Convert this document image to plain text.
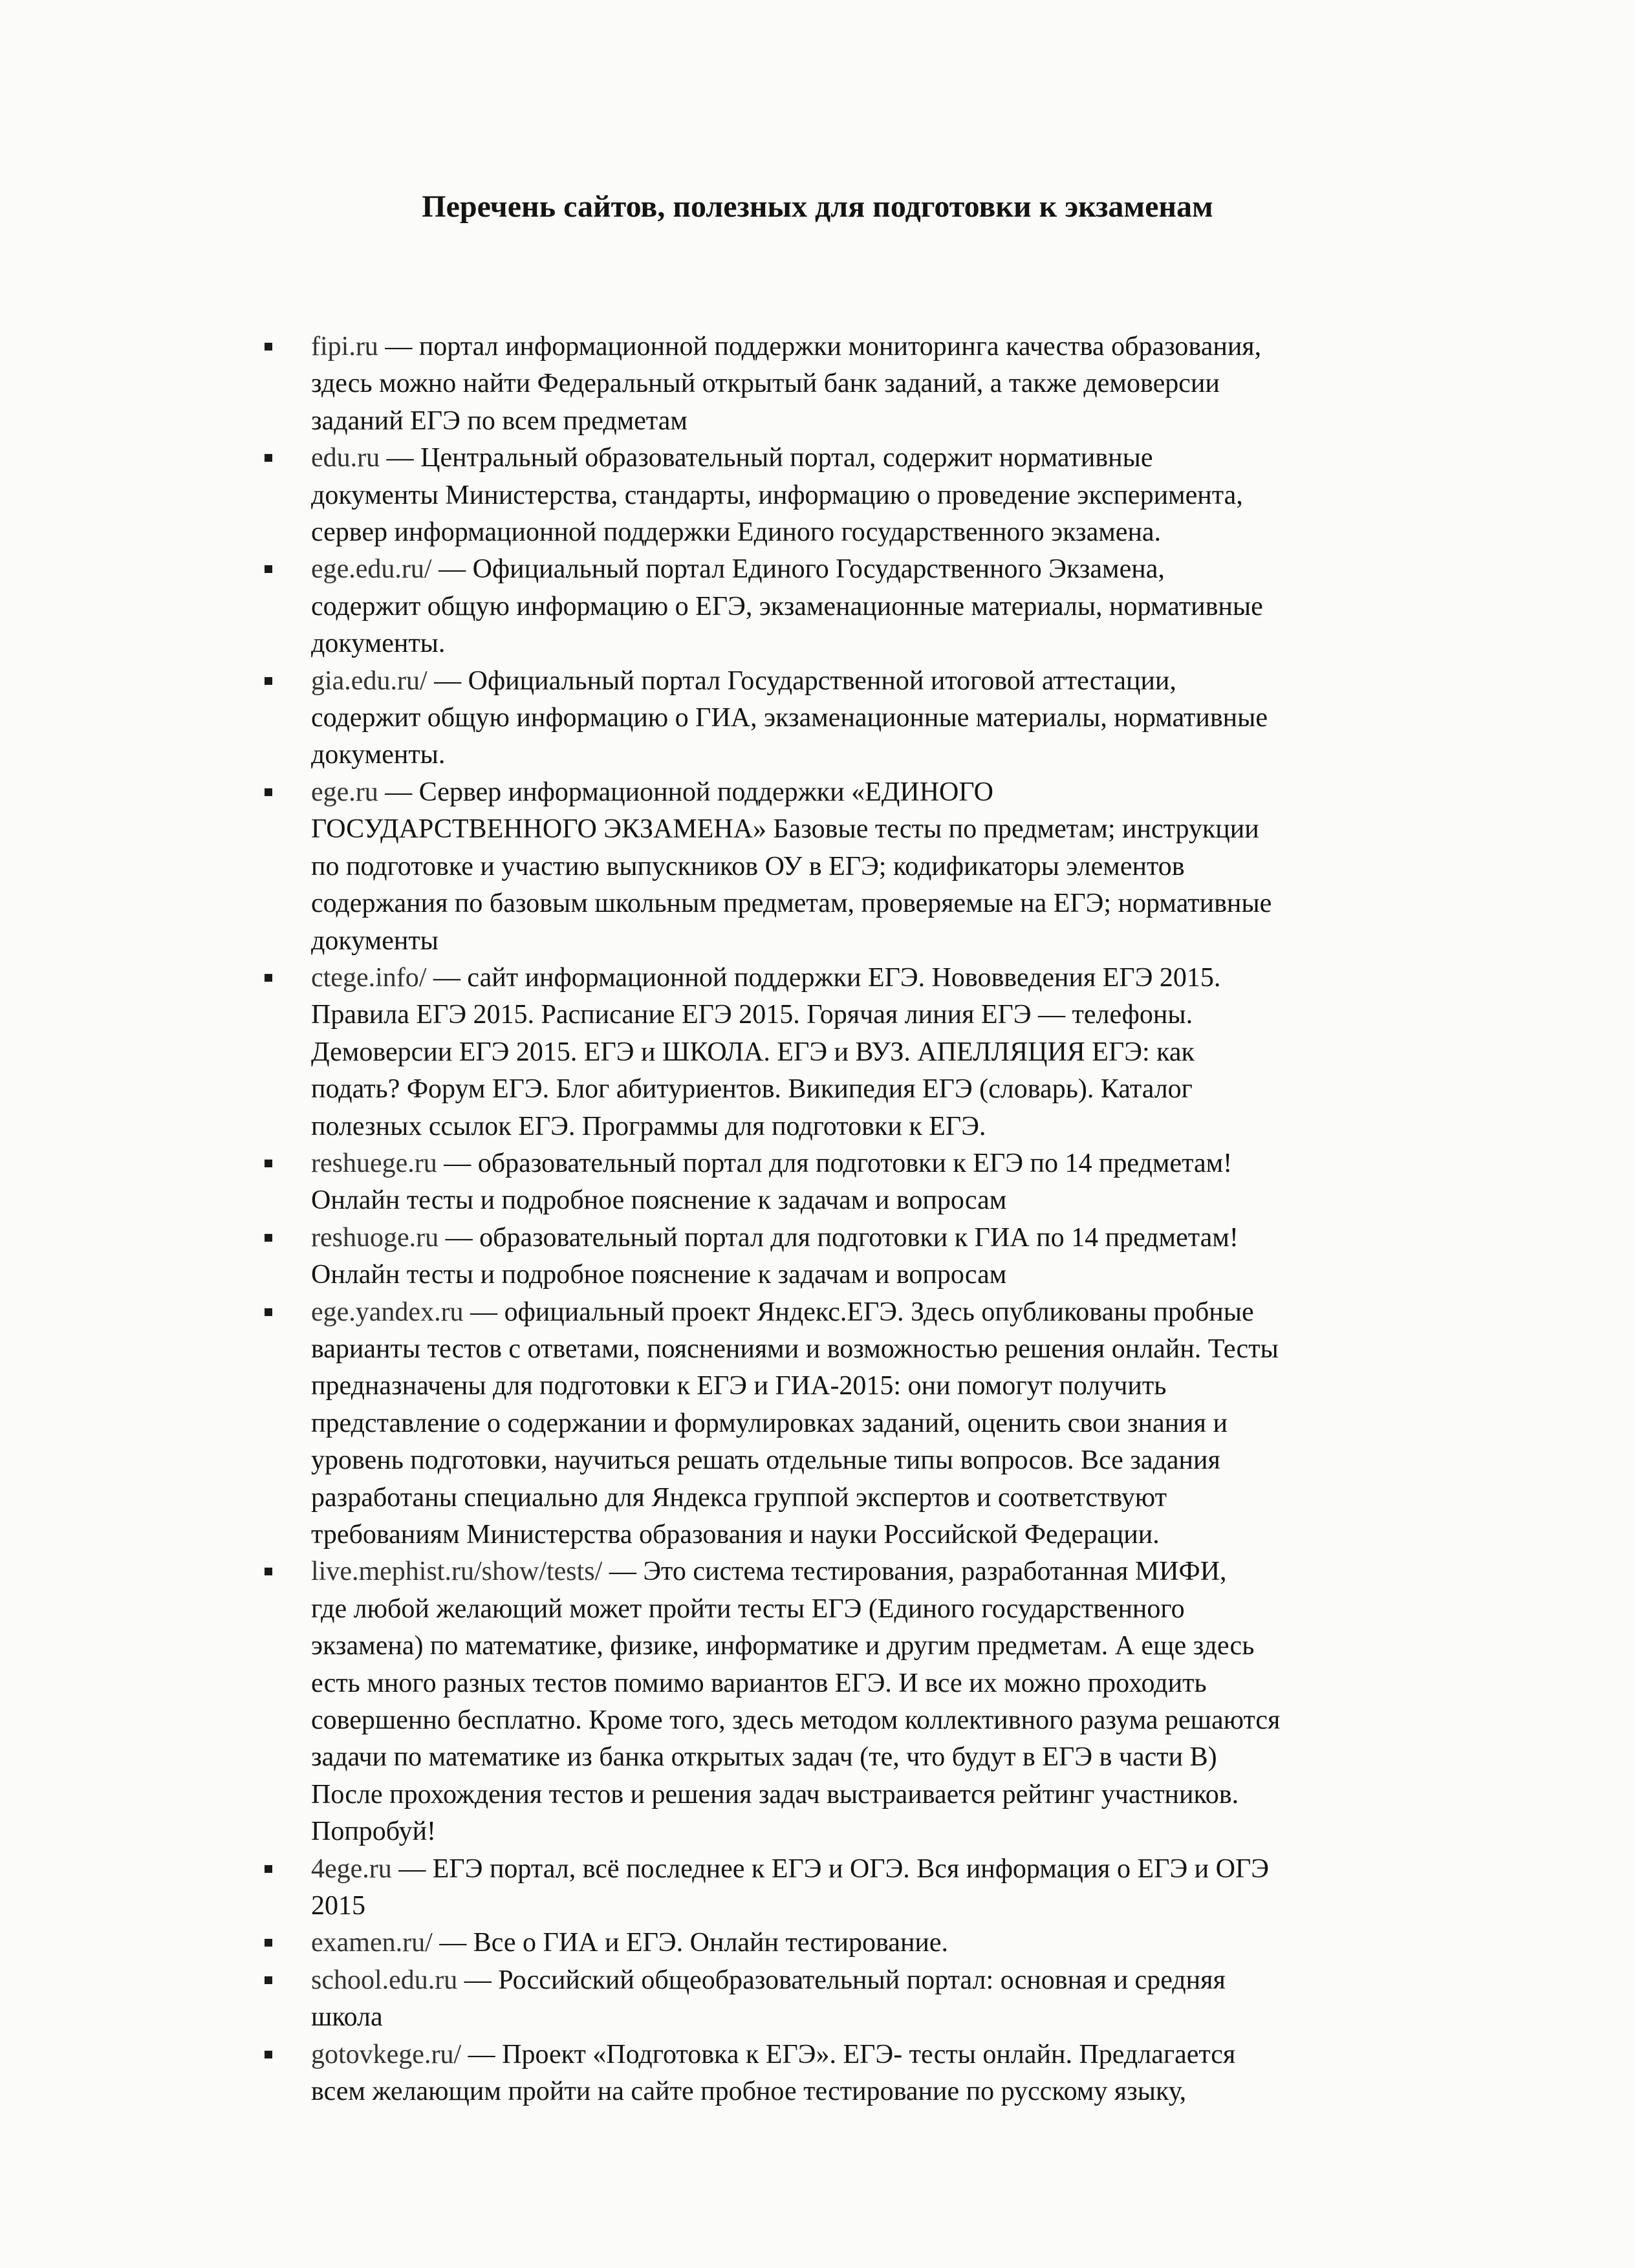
Перечень сайтов, полезных для подготовки к экзаменам
fipi.ru — портал информационной поддержки мониторинга качества образования,
здесь можно найти Федеральный открытый банк заданий, а также демоверсии
заданий ЕГЭ по всем предметам
edu.ru — Центральный образовательный портал, содержит нормативные
документы Министерства, стандарты, информацию о проведение эксперимента,
сервер информационной поддержки Единого государственного экзамена.
ege.edu.ru/ — Официальный портал Единого Государственного Экзамена,
содержит общую информацию о ЕГЭ, экзаменационные материалы, нормативные
документы.
gia.edu.ru/ — Официальный портал Государственной итоговой аттестации,
содержит общую информацию о ГИА, экзаменационные материалы, нормативные
документы.
ege.ru — Сервер информационной поддержки «ЕДИНОГО
ГОСУДАРСТВЕННОГО ЭКЗАМЕНА» Базовые тесты по предметам; инструкции
по подготовке и участию выпускников ОУ в ЕГЭ; кодификаторы элементов
содержания по базовым школьным предметам, проверяемые на ЕГЭ; нормативные
документы
ctege.info/ — сайт информационной поддержки ЕГЭ. Нововведения ЕГЭ 2015.
Правила ЕГЭ 2015. Расписание ЕГЭ 2015. Горячая линия ЕГЭ — телефоны.
Демоверсии ЕГЭ 2015. ЕГЭ и ШКОЛА. ЕГЭ и ВУЗ. АПЕЛЛЯЦИЯ ЕГЭ: как
подать? Форум ЕГЭ. Блог абитуриентов. Википедия ЕГЭ (словарь). Каталог
полезных ссылок ЕГЭ. Программы для подготовки к ЕГЭ.
reshuege.ru — образовательный портал для подготовки к ЕГЭ по 14 предметам!
Онлайн тесты и подробное пояснение к задачам и вопросам
reshuoge.ru — образовательный портал для подготовки к ГИА по 14 предметам!
Онлайн тесты и подробное пояснение к задачам и вопросам
ege.yandex.ru — официальный проект Яндекс.ЕГЭ. Здесь опубликованы пробные
варианты тестов с ответами, пояснениями и возможностью решения онлайн. Тесты
предназначены для подготовки к ЕГЭ и ГИА-2015: они помогут получить
представление о содержании и формулировках заданий, оценить свои знания и
уровень подготовки, научиться решать отдельные типы вопросов. Все задания
разработаны специально для Яндекса группой экспертов и соответствуют
требованиям Министерства образования и науки Российской Федерации.
live.mephist.ru/show/tests/ — Это система тестирования, разработанная МИФИ,
где любой желающий может пройти тесты ЕГЭ (Единого государственного
экзамена) по математике, физике, информатике и другим предметам. А еще здесь
есть много разных тестов помимо вариантов ЕГЭ. И все их можно проходить
совершенно бесплатно. Кроме того, здесь методом коллективного разума решаются
задачи по математике из банка открытых задач (те, что будут в ЕГЭ в части В)
После прохождения тестов и решения задач выстраивается рейтинг участников.
Попробуй!
4ege.ru — ЕГЭ портал, всё последнее к ЕГЭ и ОГЭ. Вся информация о ЕГЭ и ОГЭ
2015
examen.ru/ — Все о ГИА и ЕГЭ. Онлайн тестирование.
school.edu.ru — Российский общеобразовательный портал: основная и средняя
школа
gotovkege.ru/ — Проект «Подготовка к ЕГЭ». ЕГЭ- тесты онлайн. Предлагается
всем желающим пройти на сайте пробное тестирование по русскому языку,
